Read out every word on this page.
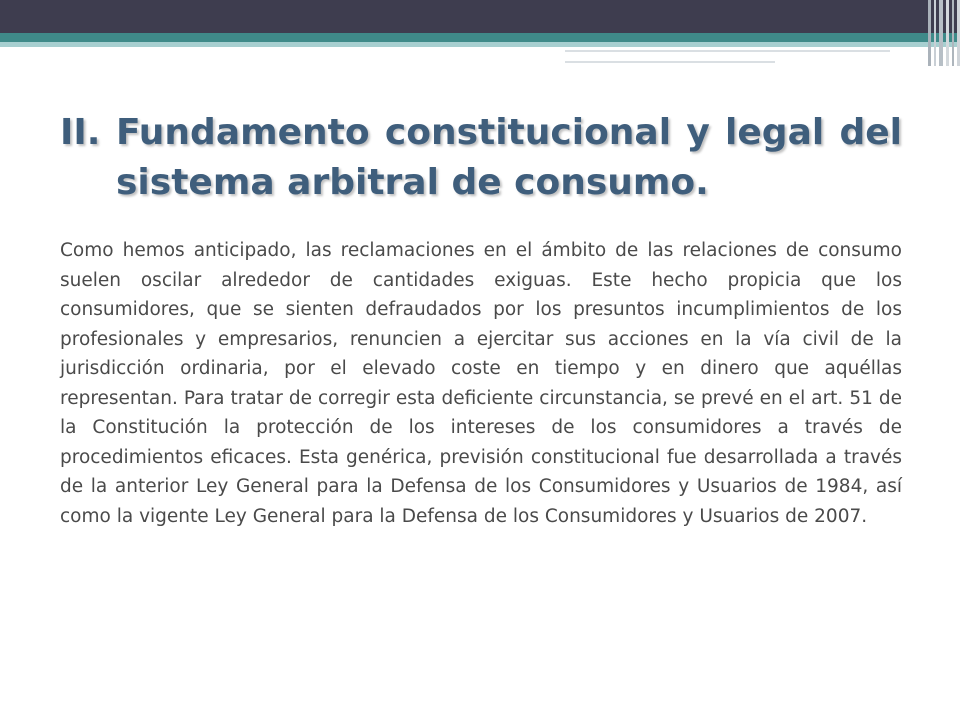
II. Fundamento constitucional y legal del sistema arbitral de consumo.

Como hemos anticipado, las reclamaciones en el ámbito de las relaciones de consumo suelen oscilar alrededor de cantidades exiguas. Este hecho propicia que los consumidores, que se sienten defraudados por los presuntos incumplimientos de los profesionales y empresarios, renuncien a ejercitar sus acciones en la vía civil de la jurisdicción ordinaria, por el elevado coste en tiempo y en dinero que aquéllas representan. Para tratar de corregir esta deficiente circunstancia, se prevé en el art. 51 de la Constitución la protección de los intereses de los consumidores a través de procedimientos eficaces. Esta genérica, previsión constitucional fue desarrollada a través de la anterior Ley General para la Defensa de los Consumidores y Usuarios de 1984, así como la vigente Ley General para la Defensa de los Consumidores y Usuarios de 2007.
